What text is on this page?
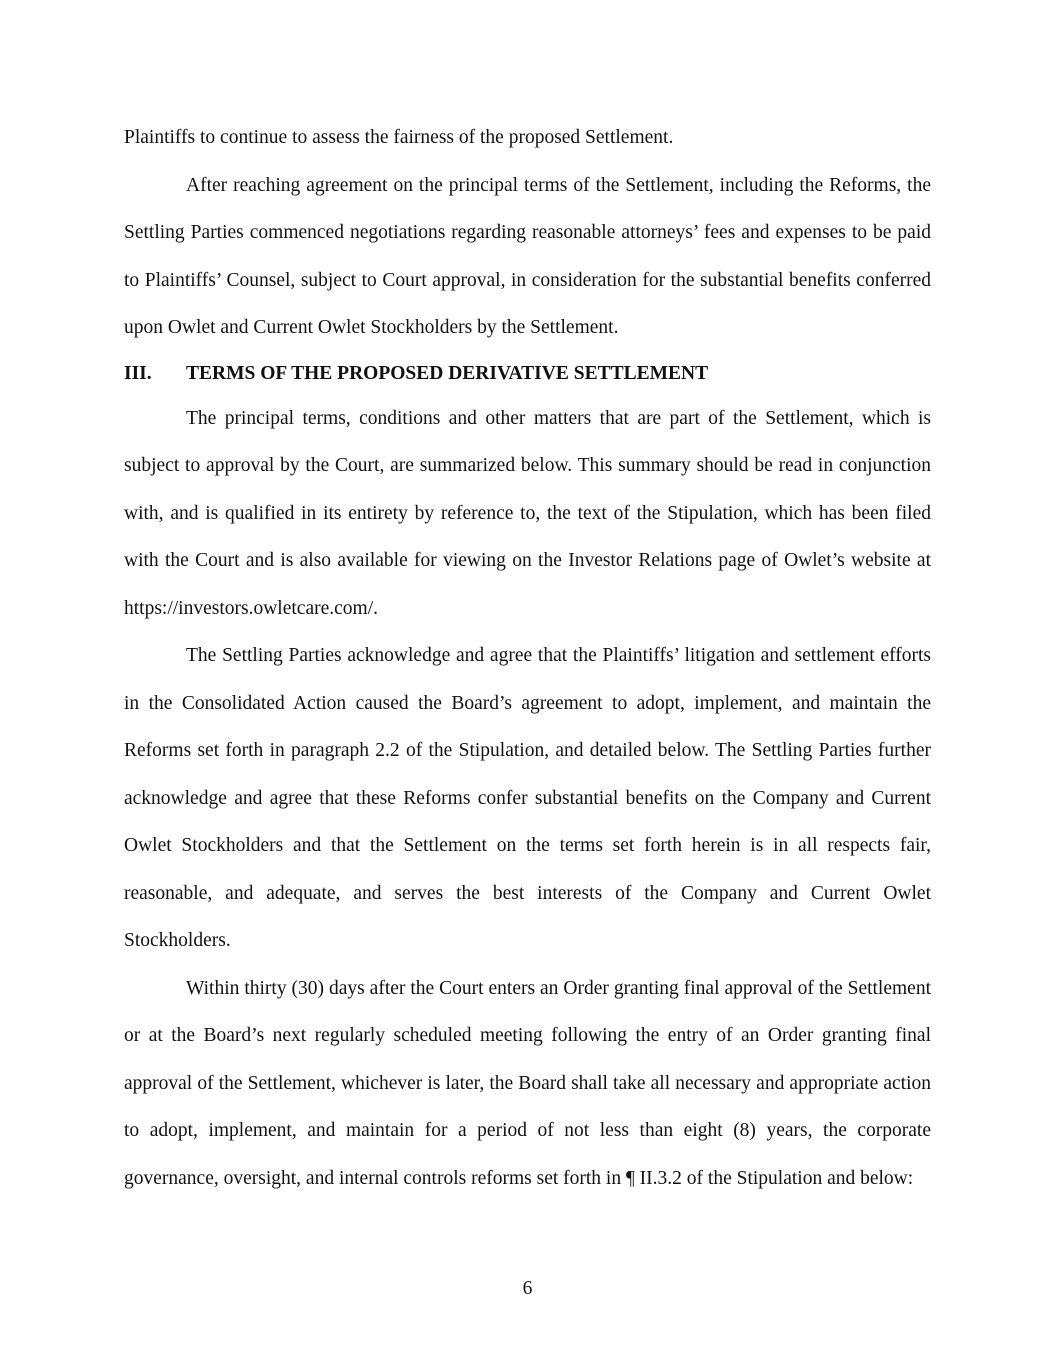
Plaintiffs to continue to assess the fairness of the proposed Settlement.

After reaching agreement on the principal terms of the Settlement, including the Reforms, the Settling Parties commenced negotiations regarding reasonable attorneys’ fees and expenses to be paid to Plaintiffs’ Counsel, subject to Court approval, in consideration for the substantial benefits conferred upon Owlet and Current Owlet Stockholders by the Settlement.

III.	TERMS OF THE PROPOSED DERIVATIVE SETTLEMENT

The principal terms, conditions and other matters that are part of the Settlement, which is subject to approval by the Court, are summarized below. This summary should be read in conjunction with, and is qualified in its entirety by reference to, the text of the Stipulation, which has been filed with the Court and is also available for viewing on the Investor Relations page of Owlet’s website at https://investors.owletcare.com/.

The Settling Parties acknowledge and agree that the Plaintiffs’ litigation and settlement efforts in the Consolidated Action caused the Board’s agreement to adopt, implement, and maintain the Reforms set forth in paragraph 2.2 of the Stipulation, and detailed below. The Settling Parties further acknowledge and agree that these Reforms confer substantial benefits on the Company and Current Owlet Stockholders and that the Settlement on the terms set forth herein is in all respects fair, reasonable, and adequate, and serves the best interests of the Company and Current Owlet Stockholders.

Within thirty (30) days after the Court enters an Order granting final approval of the Settlement or at the Board’s next regularly scheduled meeting following the entry of an Order granting final approval of the Settlement, whichever is later, the Board shall take all necessary and appropriate action to adopt, implement, and maintain for a period of not less than eight (8) years, the corporate governance, oversight, and internal controls reforms set forth in ¶ II.3.2 of the Stipulation and below:

6
